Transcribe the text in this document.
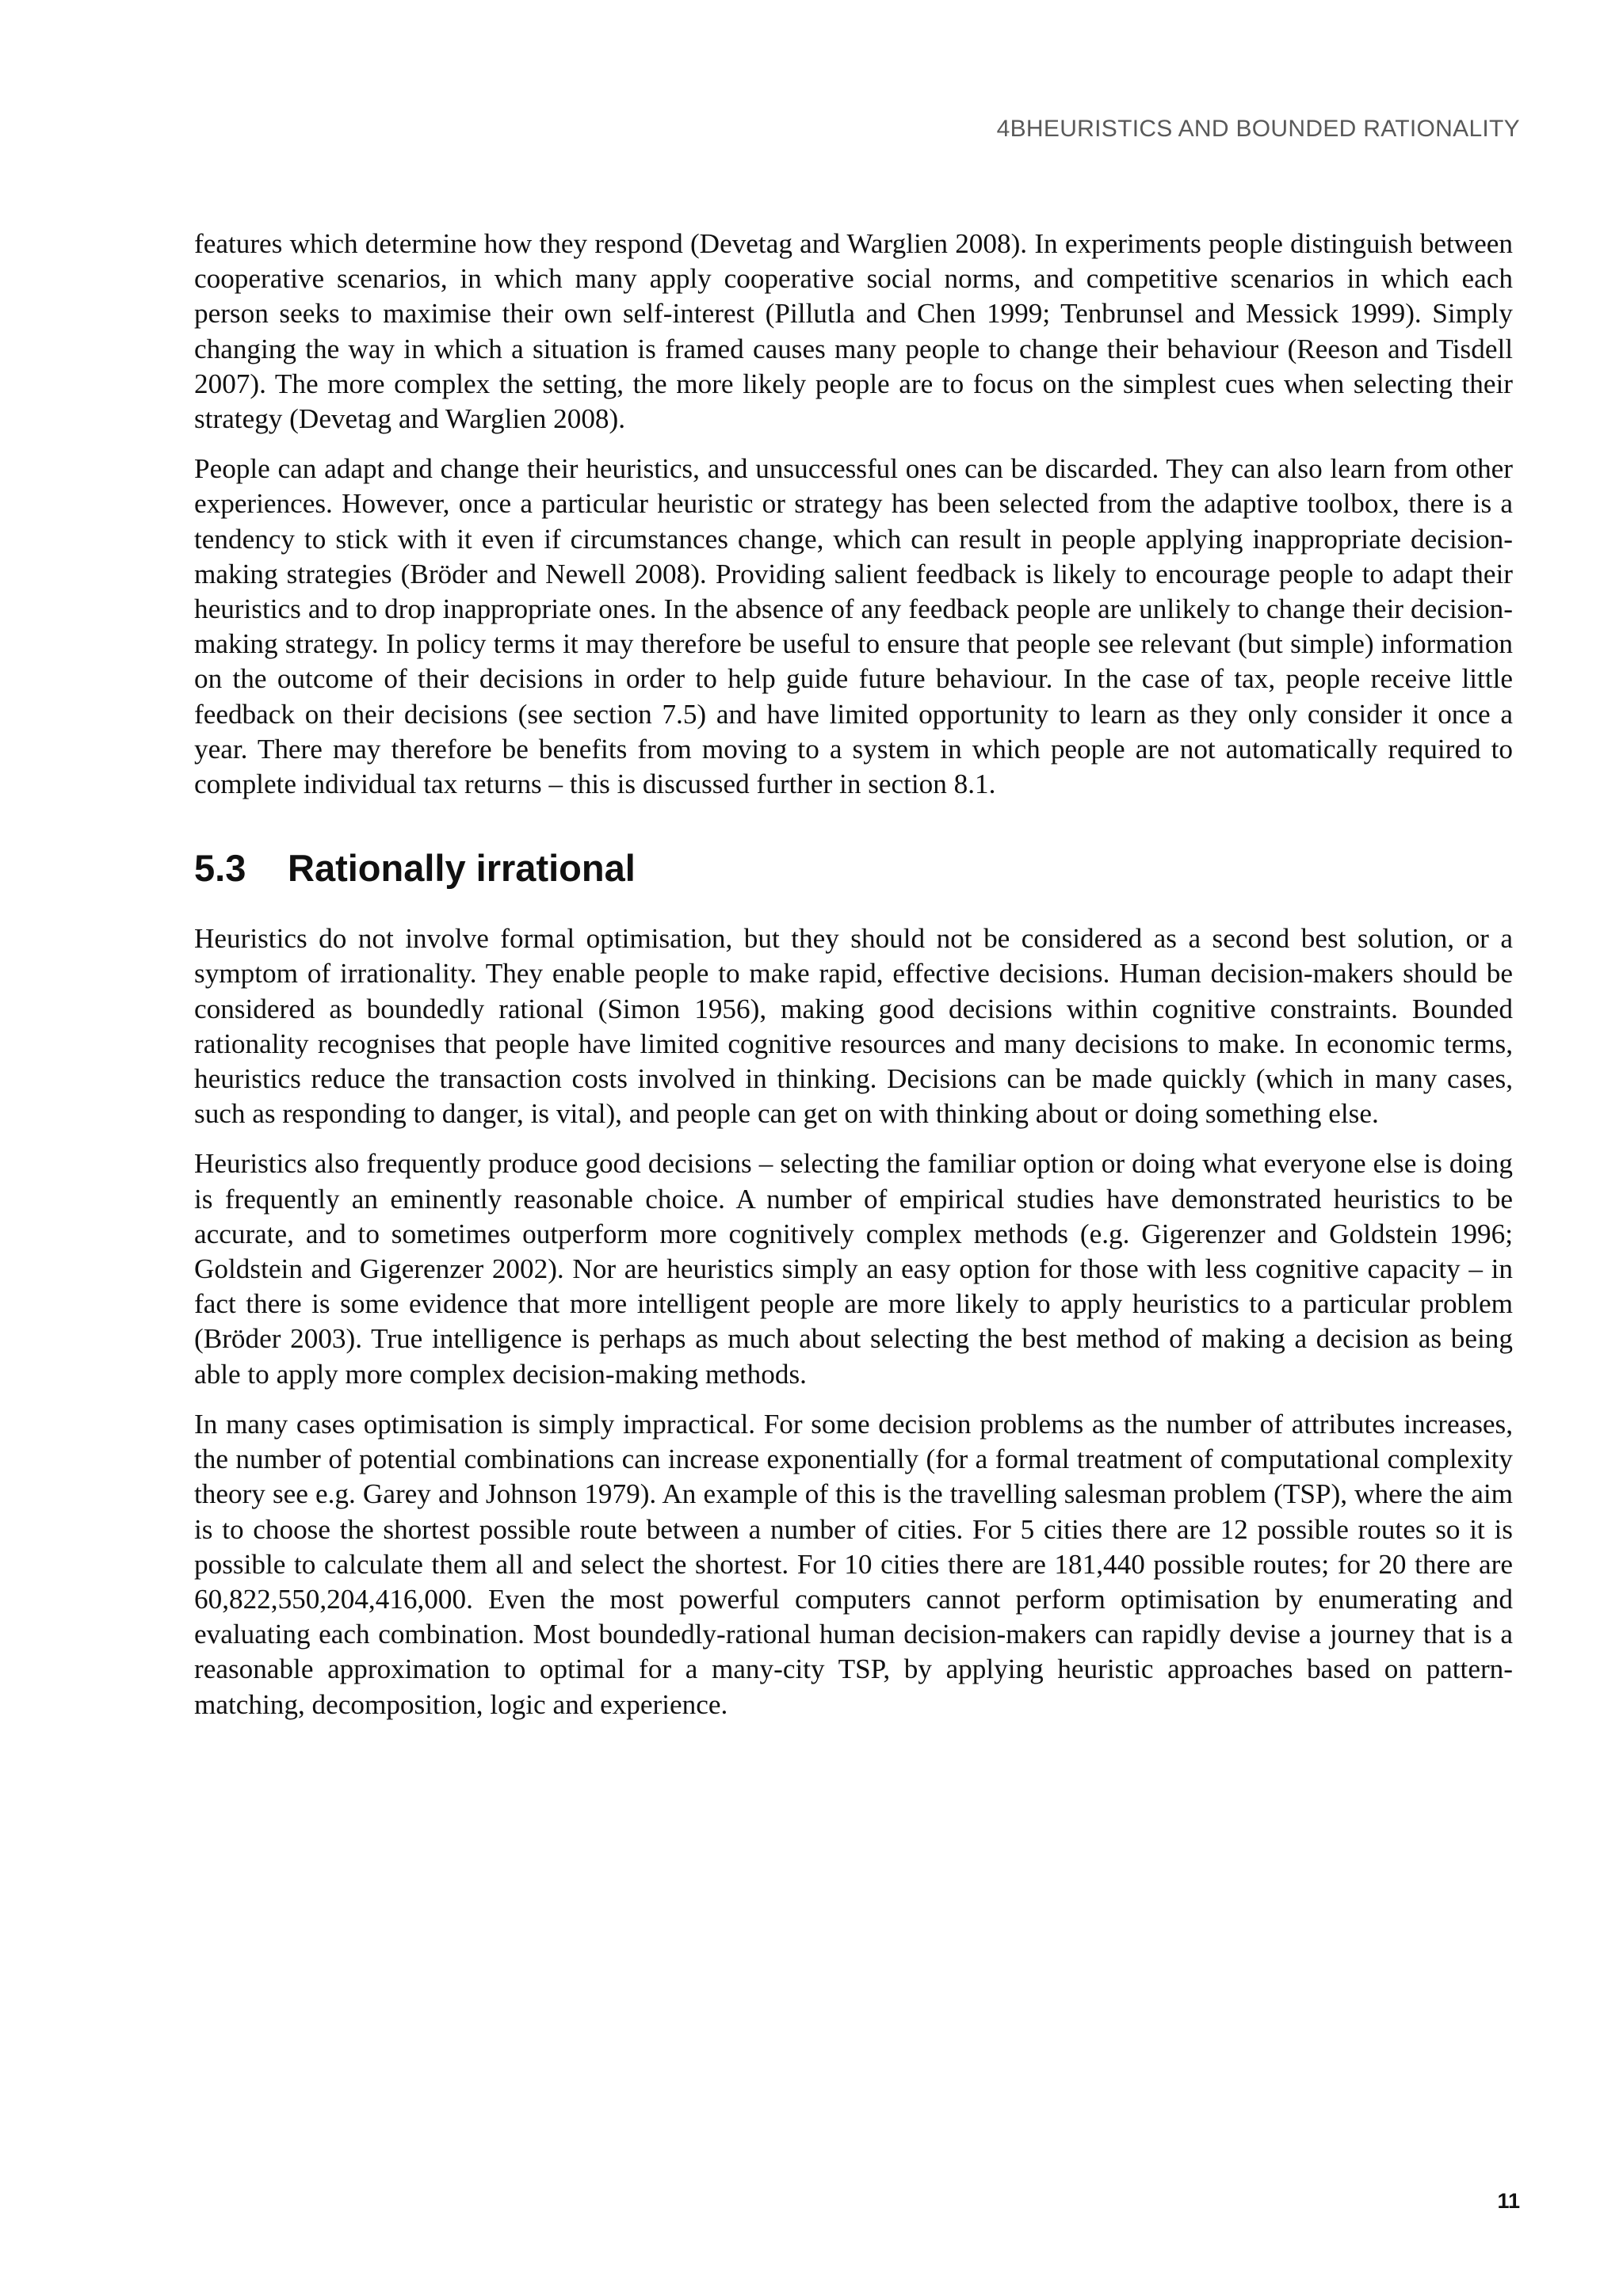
4BHEURISTICS AND BOUNDED RATIONALITY

features which determine how they respond (Devetag and Warglien 2008). In experiments people distinguish between cooperative scenarios, in which many apply cooperative social norms, and competitive scenarios in which each person seeks to maximise their own self-interest (Pillutla and Chen 1999; Tenbrunsel and Messick 1999). Simply changing the way in which a situation is framed causes many people to change their behaviour (Reeson and Tisdell 2007). The more complex the setting, the more likely people are to focus on the simplest cues when selecting their strategy (Devetag and Warglien 2008).

People can adapt and change their heuristics, and unsuccessful ones can be discarded. They can also learn from other experiences. However, once a particular heuristic or strategy has been selected from the adaptive toolbox, there is a tendency to stick with it even if circumstances change, which can result in people applying inappropriate decision-making strategies (Bröder and Newell 2008). Providing salient feedback is likely to encourage people to adapt their heuristics and to drop inappropriate ones. In the absence of any feedback people are unlikely to change their decision-making strategy. In policy terms it may therefore be useful to ensure that people see relevant (but simple) information on the outcome of their decisions in order to help guide future behaviour. In the case of tax, people receive little feedback on their decisions (see section 7.5) and have limited opportunity to learn as they only consider it once a year. There may therefore be benefits from moving to a system in which people are not automatically required to complete individual tax returns – this is discussed further in section 8.1.

5.3	Rationally irrational

Heuristics do not involve formal optimisation, but they should not be considered as a second best solution, or a symptom of irrationality. They enable people to make rapid, effective decisions. Human decision-makers should be considered as boundedly rational (Simon 1956), making good decisions within cognitive constraints. Bounded rationality recognises that people have limited cognitive resources and many decisions to make. In economic terms, heuristics reduce the transaction costs involved in thinking. Decisions can be made quickly (which in many cases, such as responding to danger, is vital), and people can get on with thinking about or doing something else.

Heuristics also frequently produce good decisions – selecting the familiar option or doing what everyone else is doing is frequently an eminently reasonable choice. A number of empirical studies have demonstrated heuristics to be accurate, and to sometimes outperform more cognitively complex methods (e.g. Gigerenzer and Goldstein 1996; Goldstein and Gigerenzer 2002). Nor are heuristics simply an easy option for those with less cognitive capacity – in fact there is some evidence that more intelligent people are more likely to apply heuristics to a particular problem (Bröder 2003). True intelligence is perhaps as much about selecting the best method of making a decision as being able to apply more complex decision-making methods.

In many cases optimisation is simply impractical. For some decision problems as the number of attributes increases, the number of potential combinations can increase exponentially (for a formal treatment of computational complexity theory see e.g. Garey and Johnson 1979). An example of this is the travelling salesman problem (TSP), where the aim is to choose the shortest possible route between a number of cities. For 5 cities there are 12 possible routes so it is possible to calculate them all and select the shortest. For 10 cities there are 181,440 possible routes; for 20 there are 60,822,550,204,416,000. Even the most powerful computers cannot perform optimisation by enumerating and evaluating each combination. Most boundedly-rational human decision-makers can rapidly devise a journey that is a reasonable approximation to optimal for a many-city TSP, by applying heuristic approaches based on pattern-matching, decomposition, logic and experience.

11
